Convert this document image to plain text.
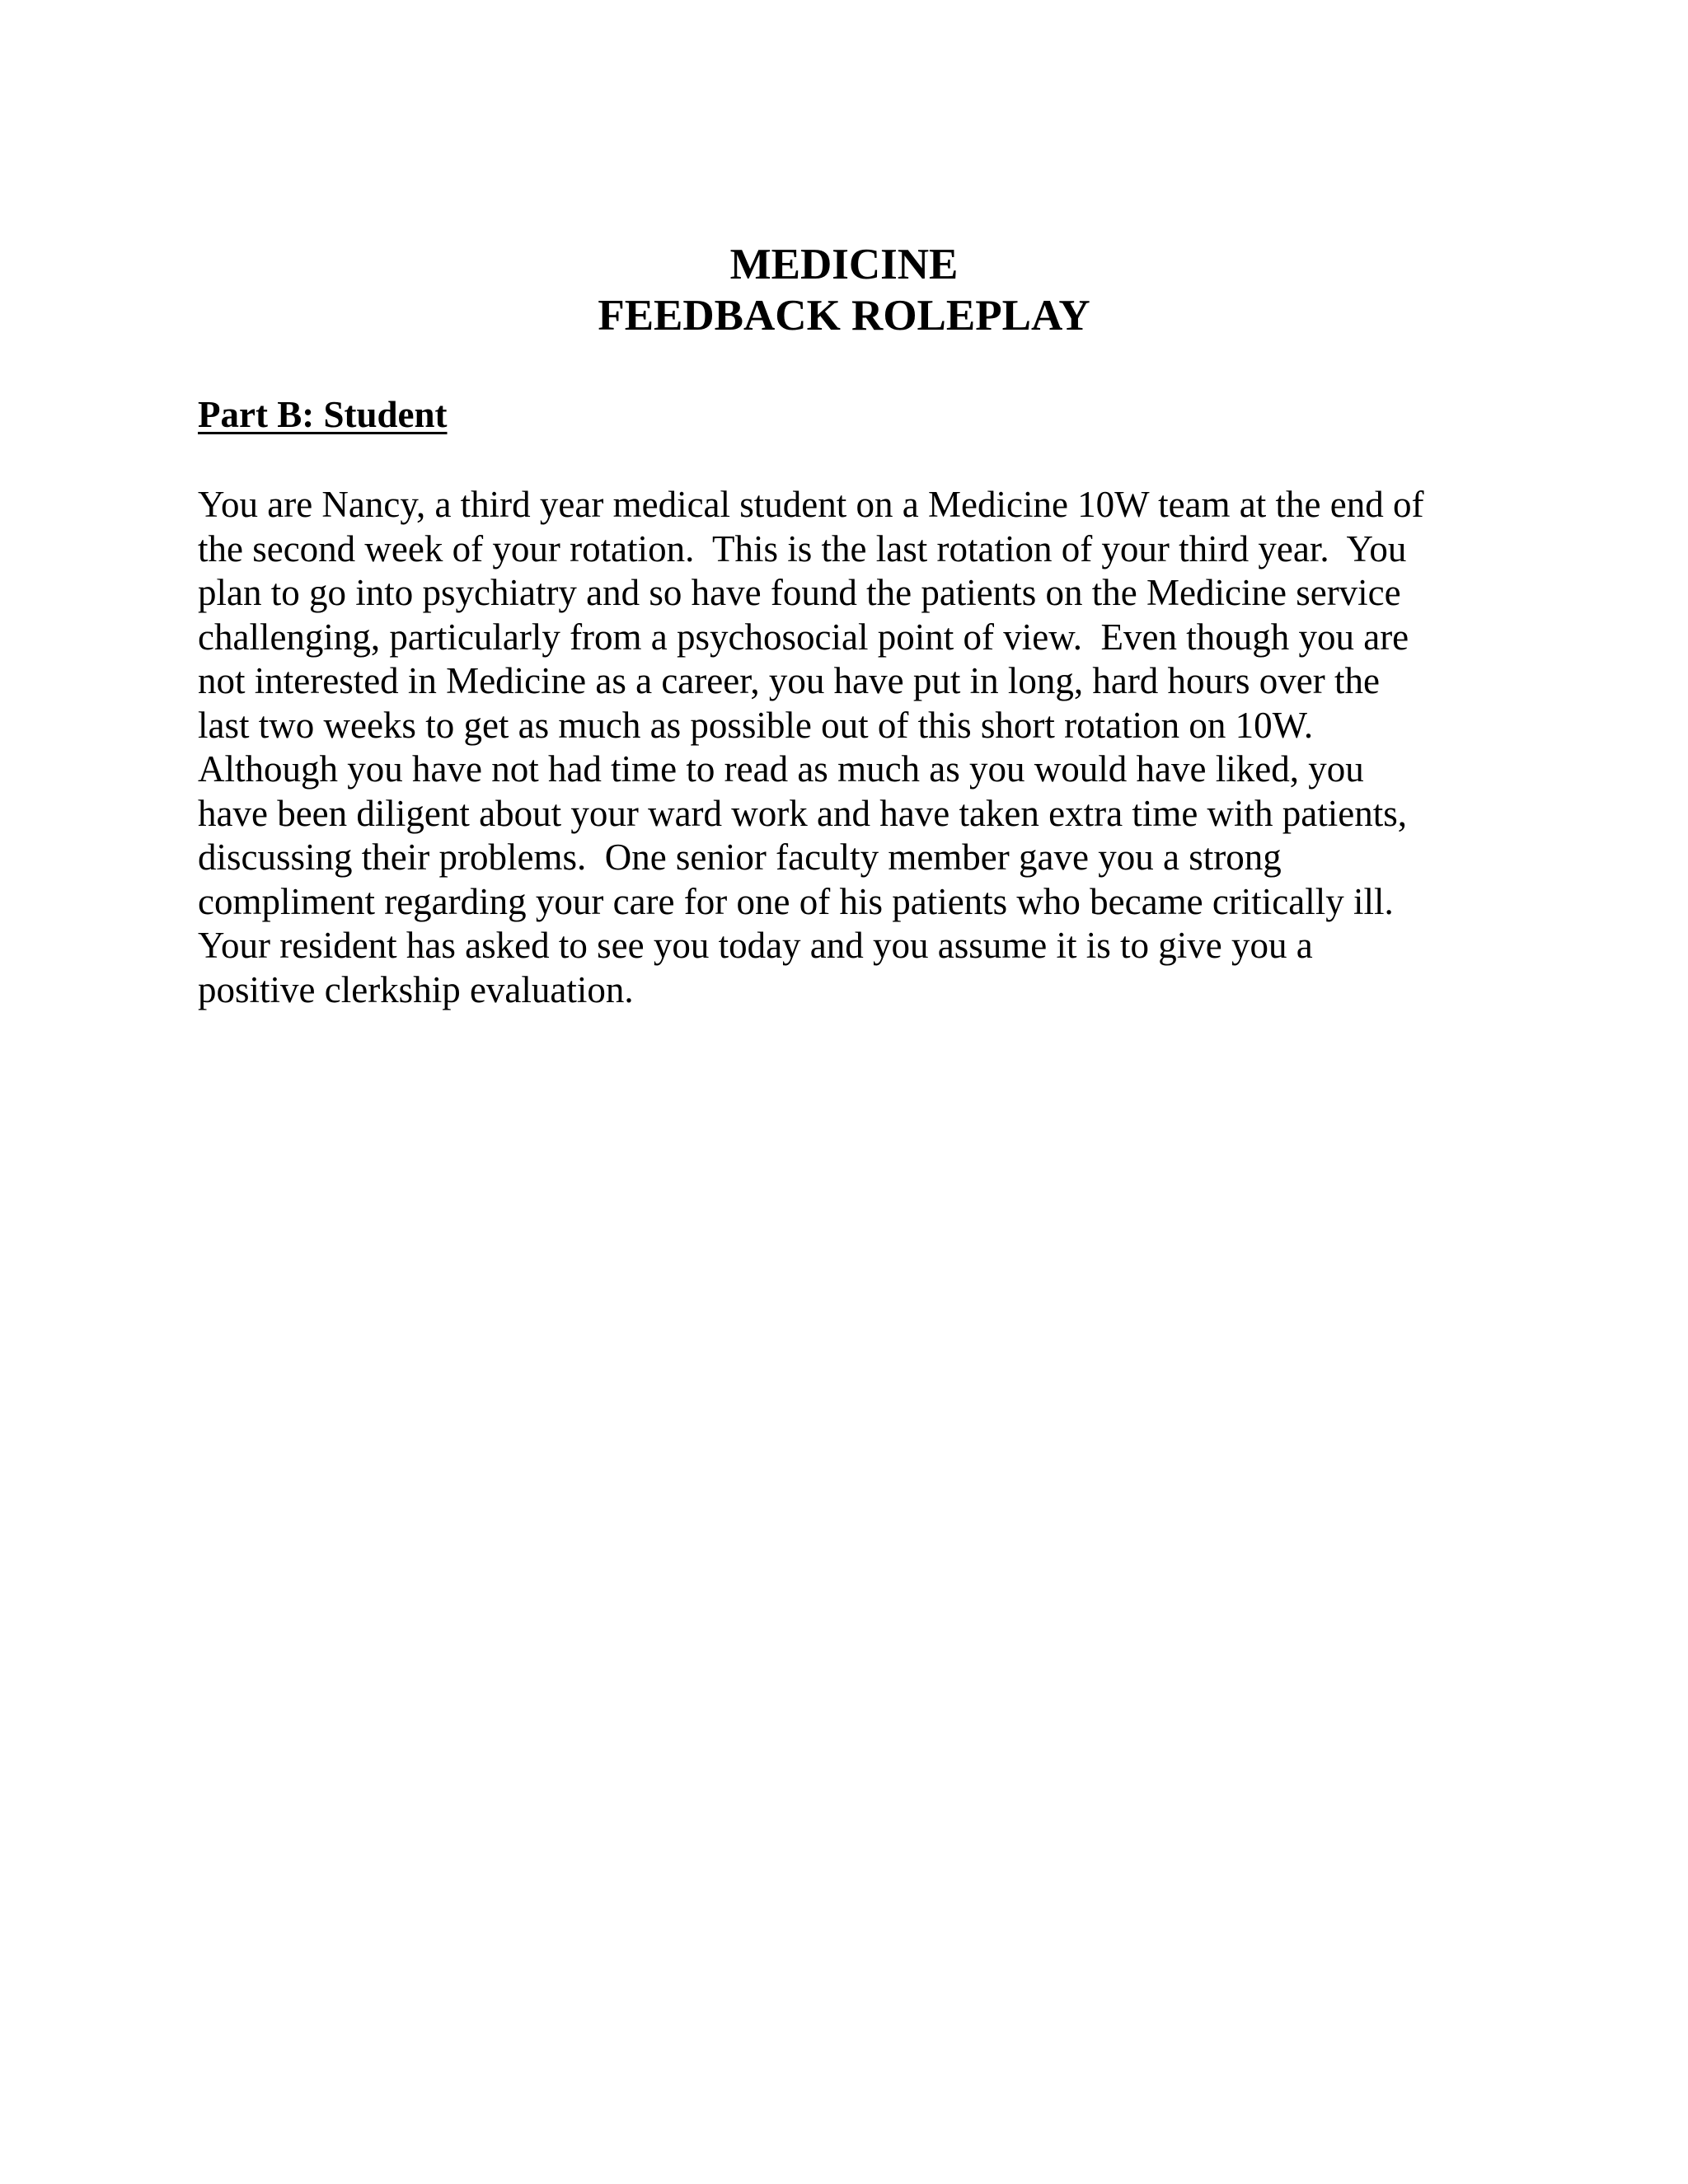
MEDICINE
FEEDBACK ROLEPLAY
Part B: Student
You are Nancy, a third year medical student on a Medicine 10W team at the end of
the second week of your rotation.  This is the last rotation of your third year.  You
plan to go into psychiatry and so have found the patients on the Medicine service
challenging, particularly from a psychosocial point of view.  Even though you are
not interested in Medicine as a career, you have put in long, hard hours over the
last two weeks to get as much as possible out of this short rotation on 10W.
Although you have not had time to read as much as you would have liked, you
have been diligent about your ward work and have taken extra time with patients,
discussing their problems.  One senior faculty member gave you a strong
compliment regarding your care for one of his patients who became critically ill.
Your resident has asked to see you today and you assume it is to give you a
positive clerkship evaluation.
